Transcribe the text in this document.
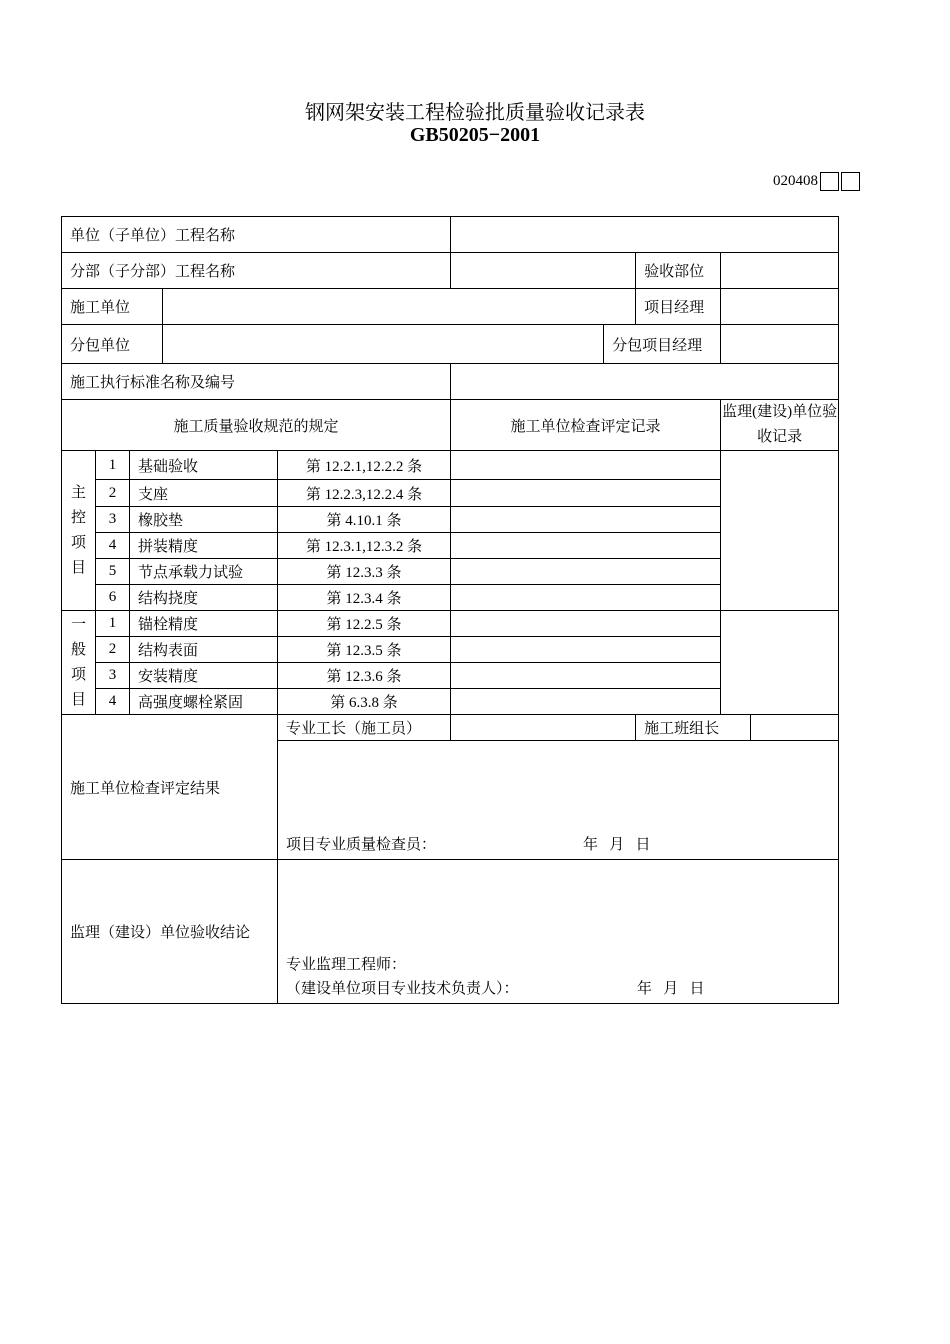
钢网架安装工程检验批质量验收记录表
GB50205−2001
020408
单位（子单位）工程名称									
分部（子分部）工程名称							验收部位		
施工单位							项目经理		
分包单位						分包项目经理			
施工执行标准名称及编号									
施工质量验收规范的规定					施工单位检查评定记录			监理(建设)单位验收记录	
主控项目	1	基础验收		第 12.2.1,12.2.2 条					
	2	支座		第 12.2.3,12.2.4 条					
	3	橡胶垫		第 4.10.1 条					
	4	拼装精度		第 12.3.1,12.3.2 条					
	5	节点承载力试验		第 12.3.3 条					
	6	结构挠度		第 12.3.4 条					
一般项目	1	锚栓精度		第 12.2.5 条					
	2	结构表面		第 12.3.5 条					
	3	安装精度		第 12.3.6 条					
	4	高强度螺栓紧固		第 6.3.8 条					
施工单位检查评定结果				专业工长（施工员）			施工班组长		

				项目专业质量检查员： 年   月   日					

监理（建设）单位验收结论				专业监理工程师：
（建设单位项目专业技术负责人）： 年   月   日					
